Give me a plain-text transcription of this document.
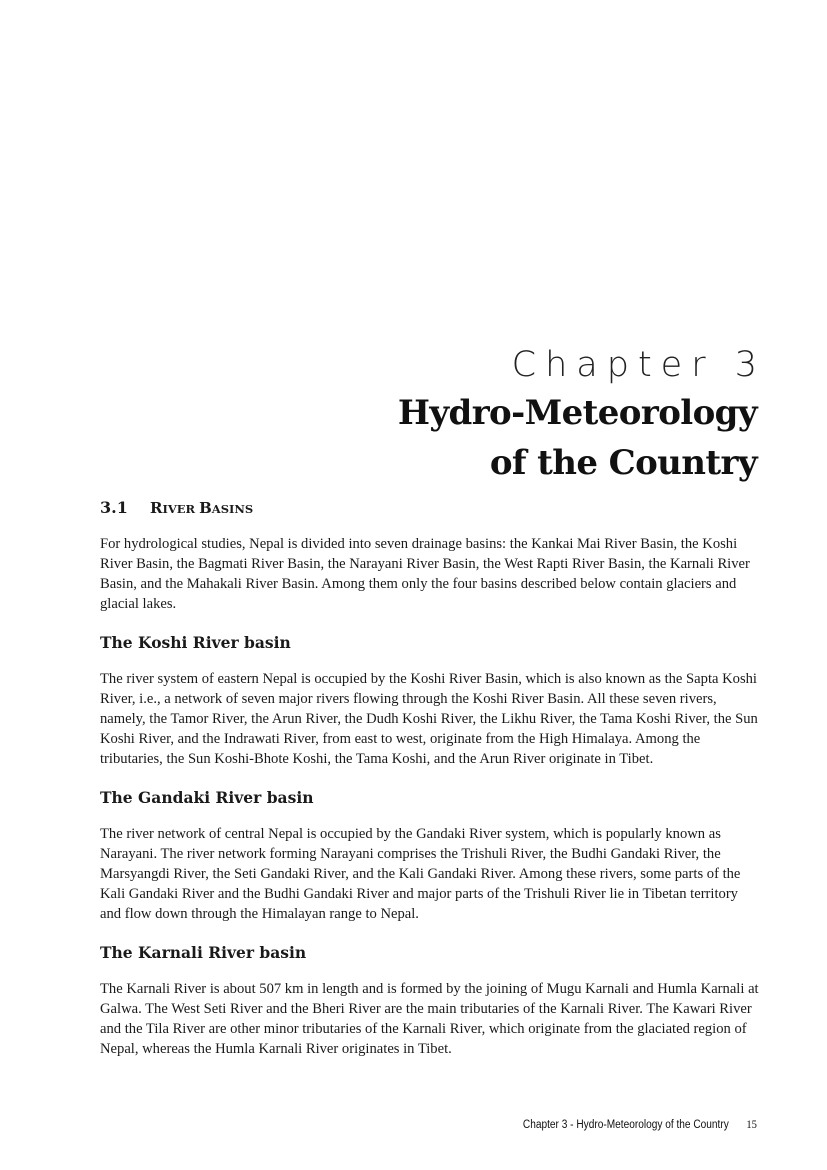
Chapter 3
Hydro-Meteorology
of the Country
3.1 RIVER BASINS

For hydrological studies, Nepal is divided into seven drainage basins: the Kankai Mai River Basin, the Koshi River Basin, the Bagmati River Basin, the Narayani River Basin, the West Rapti River Basin, the Karnali River Basin, and the Mahakali River Basin. Among them only the four basins described below contain glaciers and glacial lakes.

The Koshi River basin

The river system of eastern Nepal is occupied by the Koshi River Basin, which is also known as the Sapta Koshi River, i.e., a network of seven major rivers flowing through the Koshi River Basin. All these seven rivers, namely, the Tamor River, the Arun River, the Dudh Koshi River, the Likhu River, the Tama Koshi River, the Sun Koshi River, and the Indrawati River, from east to west, originate from the High Himalaya. Among the tributaries, the Sun Koshi-Bhote Koshi, the Tama Koshi, and the Arun River originate in Tibet.

The Gandaki River basin

The river network of central Nepal is occupied by the Gandaki River system, which is popularly known as Narayani. The river network forming Narayani comprises the Trishuli River, the Budhi Gandaki River, the Marsyangdi River, the Seti Gandaki River, and the Kali Gandaki River. Among these rivers, some parts of the Kali Gandaki River and the Budhi Gandaki River and major parts of the Trishuli River lie in Tibetan territory and flow down through the Himalayan range to Nepal.

The Karnali River basin

The Karnali River is about 507 km in length and is formed by the joining of Mugu Karnali and Humla Karnali at Galwa. The West Seti River and the Bheri River are the main tributaries of the Karnali River. The Kawari River and the Tila River are other minor tributaries of the Karnali River, which originate from the glaciated region of Nepal, whereas the Humla Karnali River originates in Tibet.

Chapter 3 - Hydro-Meteorology of the Country 15
